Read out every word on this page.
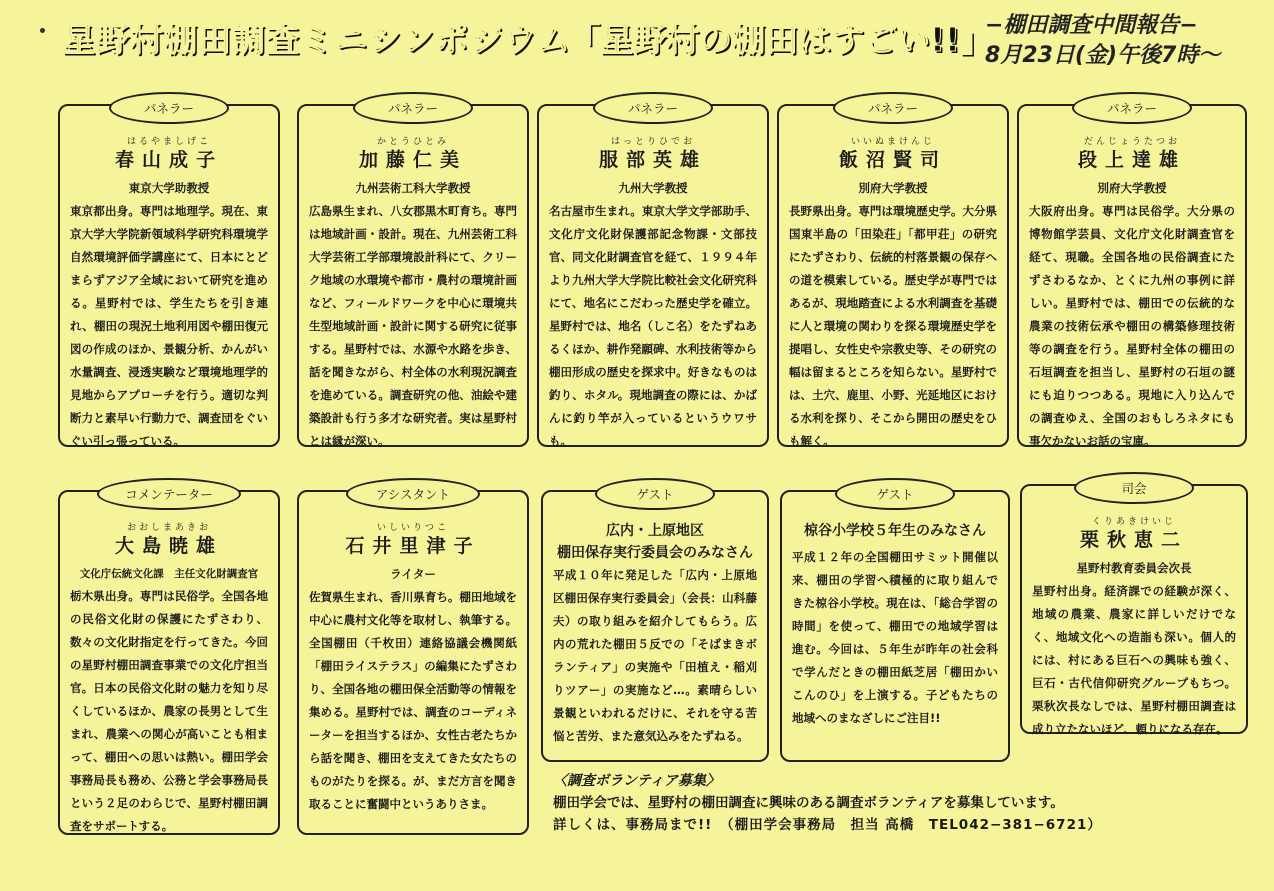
星野村棚田調査ミニシンポジウム
「星野村の棚田はすごい!!」
−棚田調査中間報告−
8月23日(金)午後7時〜
パネラー
はるやましげこ
春山成子
東京大学助教授
東京都出身。専門は地理学。現在、東京大学大学院新領域科学研究科環境学自然環境評価学講座にて、日本にとどまらずアジア全域において研究を進める。星野村では、学生たちを引き連れ、棚田の現況土地利用図や棚田復元図の作成のほか、景観分析、かんがい水量調査、浸透実験など環境地理学的見地からアプローチを行う。適切な判断力と素早い行動力で、調査団をぐいぐい引っ張っている。
パネラー
かとうひとみ
加藤仁美
九州芸術工科大学教授
広島県生まれ、八女郡黒木町育ち。専門は地域計画・設計。現在、九州芸術工科大学芸術工学部環境設計科にて、クリーク地域の水環境や都市・農村の環境計画など、フィールドワークを中心に環境共生型地域計画・設計に関する研究に従事する。星野村では、水源や水路を歩き、話を聞きながら、村全体の水利現況調査を進めている。調査研究の他、油絵や建築設計も行う多才な研究者。実は星野村とは縁が深い。
パネラー
はっとりひでお
服部英雄
九州大学教授
名古屋市生まれ。東京大学文学部助手、文化庁文化財保護部記念物課・文部技官、同文化財調査官を経て、１９９４年より九州大学大学院比較社会文化研究科にて、地名にこだわった歴史学を確立。星野村では、地名（しこ名）をたずねあるくほか、耕作発願碑、水利技術等から棚田形成の歴史を探求中。好きなものは釣り、ホタル。現地調査の際には、かばんに釣り竿が入っているというウワサも。
パネラー
いいぬまけんじ
飯沼賢司
別府大学教授
長野県出身。専門は環境歴史学。大分県国東半島の「田染荘」「都甲荘」の研究にたずさわり、伝統的村落景観の保存への道を模索している。歴史学が専門ではあるが、現地踏査による水利調査を基礎に人と環境の関わりを探る環境歴史学を提唱し、女性史や宗教史等、その研究の幅は留まるところを知らない。星野村では、土穴、鹿里、小野、光延地区における水利を探り、そこから開田の歴史をひも解く。
パネラー
だんじょうたつお
段上達雄
別府大学教授
大阪府出身。専門は民俗学。大分県の博物館学芸員、文化庁文化財調査官を経て、現職。全国各地の民俗調査にたずさわるなか、とくに九州の事例に詳しい。星野村では、棚田での伝統的な農業の技術伝承や棚田の構築修理技術等の調査を行う。星野村全体の棚田の石垣調査を担当し、星野村の石垣の謎にも迫りつつある。現地に入り込んでの調査ゆえ、全国のおもしろネタにも事欠かないお話の宝庫。
コメンテーター
おおしまあきお
大島暁雄
文化庁伝統文化課　主任文化財調査官
栃木県出身。専門は民俗学。全国各地の民俗文化財の保護にたずさわり、数々の文化財指定を行ってきた。今回の星野村棚田調査事業での文化庁担当官。日本の民俗文化財の魅力を知り尽くしているほか、農家の長男として生まれ、農業への関心が高いことも相まって、棚田への思いは熱い。棚田学会事務局長も務め、公務と学会事務局長という２足のわらじで、星野村棚田調査をサポートする。
アシスタント
いしいりつこ
石井里津子
ライター
佐賀県生まれ、香川県育ち。棚田地域を中心に農村文化等を取材し、執筆する。全国棚田（千枚田）連絡協議会機関紙「棚田ライステラス」の編集にたずさわり、全国各地の棚田保全活動等の情報を集める。星野村では、調査のコーディネーターを担当するほか、女性古老たちから話を聞き、棚田を支えてきた女たちのものがたりを探る。が、まだ方言を聞き取ることに奮闘中というありさま。
ゲスト
広内・上原地区
棚田保存実行委員会のみなさん
平成１０年に発足した「広内・上原地区棚田保存実行委員会」（会長：山科藤夫）の取り組みを紹介してもらう。広内の荒れた棚田５反での「そばまきボランティア」の実施や「田植え・稲刈りツアー」の実施など…。素晴らしい景観といわれるだけに、それを守る苦悩と苦労、また意気込みをたずねる。
ゲスト
椋谷小学校５年生のみなさん
平成１２年の全国棚田サミット開催以来、棚田の学習へ積極的に取り組んできた椋谷小学校。現在は、「総合学習の時間」を使って、棚田での地域学習は進む。今回は、５年生が昨年の社会科で学んだときの棚田紙芝居「棚田かいこんのひ」を上演する。子どもたちの地域へのまなざしにご注目!!
司会
くりあきけいじ
栗秋恵二
星野村教育委員会次長
星野村出身。経済課での経験が深く、地域の農業、農家に詳しいだけでなく、地域文化への造詣も深い。個人的には、村にある巨石への興味も強く、巨石・古代信仰研究グループもちつ。栗秋次長なしでは、星野村棚田調査は成り立たないほど、頼りになる存在。
〈調査ボランティア募集〉
棚田学会では、星野村の棚田調査に興味のある調査ボランティアを募集しています。
詳しくは、事務局まで!!　（棚田学会事務局　担当 高橋　TEL042−381−6721）
